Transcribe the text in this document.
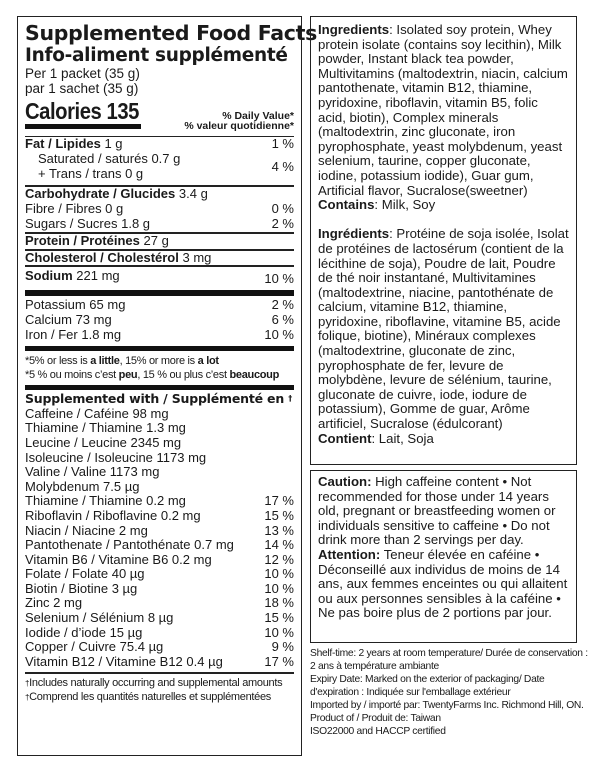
Supplemented Food Facts
Info-aliment supplémenté
Per 1 packet (35 g)
par 1 sachet (35 g)
Calories 135	% Daily Value*
% valeur quotidienne*
Fat / Lipides 1 g	1 %
Saturated / saturés 0.7 g
+ Trans / trans 0 g	4 %
Carbohydrate / Glucides 3.4 g
Fibre / Fibres 0 g	0 %
Sugars / Sucres 1.8 g	2 %
Protein / Protéines 27 g
Cholesterol / Cholestérol 3 mg
Sodium 221 mg	10 %
Potassium 65 mg	2 %
Calcium 73 mg	6 %
Iron / Fer 1.8 mg	10 %
*5% or less is a little, 15% or more is a lot
*5 % ou moins c’est peu, 15 % ou plus c’est beaucoup
Supplemented with / Supplémenté en †
Caffeine / Caféine 98 mg
Thiamine / Thiamine 1.3 mg
Leucine / Leucine 2345 mg
Isoleucine / Isoleucine 1173 mg
Valine / Valine 1173 mg
Molybdenum 7.5 µg
Thiamine / Thiamine 0.2 mg	17 %
Riboflavin / Riboflavine 0.2 mg	15 %
Niacin / Niacine 2 mg	13 %
Pantothenate / Pantothénate 0.7 mg	14 %
Vitamin B6 / Vitamine B6 0.2 mg	12 %
Folate / Folate 40 µg	10 %
Biotin / Biotine 3 µg	10 %
Zinc 2 mg	18 %
Selenium / Sélénium 8 µg	15 %
Iodide / d’iode 15 µg	10 %
Copper / Cuivre 75.4 µg	9 %
Vitamin B12 / Vitamine B12 0.4 µg	17 %
†Includes naturally occurring and supplemental amounts
†Comprend les quantités naturelles et supplémentées

Ingredients: Isolated soy protein, Whey protein isolate (contains soy lecithin), Milk powder, Instant black tea powder, Multivitamins (maltodextrin, niacin, calcium pantothenate, vitamin B12, thiamine, pyridoxine, riboflavin, vitamin B5, folic acid, biotin), Complex minerals (maltodextrin, zinc gluconate, iron pyrophosphate, yeast molybdenum, yeast selenium, taurine, copper gluconate, iodine, potassium iodide), Guar gum, Artificial flavor, Sucralose(sweetner)

Contains: Milk, Soy

Ingrédients: Protéine de soja isolée, Isolat de protéines de lactosérum (contient de la lécithine de soja), Poudre de lait, Poudre de thé noir instantané, Multivitamines (maltodextrine, niacine, pantothénate de calcium, vitamine B12, thiamine, pyridoxine, riboflavine, vitamine B5, acide folique, biotine), Minéraux complexes (maltodextrine, gluconate de zinc, pyrophosphate de fer, levure de molybdène, levure de sélénium, taurine, gluconate de cuivre, iode, iodure de potassium), Gomme de guar, Arôme artificiel, Sucralose (édulcorant)

Contient: Lait, Soja

Caution: High caffeine content • Not recommended for those under 14 years old, pregnant or breastfeeding women or individuals sensitive to caffeine • Do not drink more than 2 servings per day.

Attention: Teneur élevée en caféine • Déconseillé aux individus de moins de 14 ans, aux femmes enceintes ou qui allaitent ou aux personnes sensibles à la caféine • Ne pas boire plus de 2 portions par jour.

Shelf-time: 2 years at room temperature/ Durée de conservation : 2 ans à température ambiante
Expiry Date: Marked on the exterior of packaging/ Date d'expiration : Indiquée sur l'emballage extérieur
Imported by / importé par: TwentyFarms Inc. Richmond Hill, ON.
Product of / Produit de: Taiwan
ISO22000 and HACCP certified
